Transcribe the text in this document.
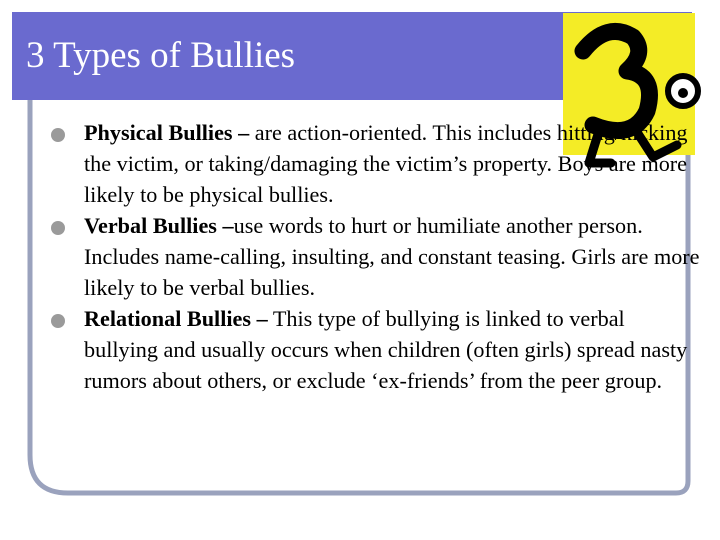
3 Types of Bullies
Physical Bullies – are action-oriented. This includes hitting/kicking the victim, or taking/damaging the victim’s property. Boys are more likely to be physical bullies.
Verbal Bullies –use words to hurt or humiliate another person. Includes name-calling, insulting, and constant teasing. Girls are more likely to be verbal bullies.
Relational Bullies – This type of bullying is linked to verbal bullying and usually occurs when children (often girls) spread nasty rumors about others, or exclude ‘ex-friends’ from the peer group.
